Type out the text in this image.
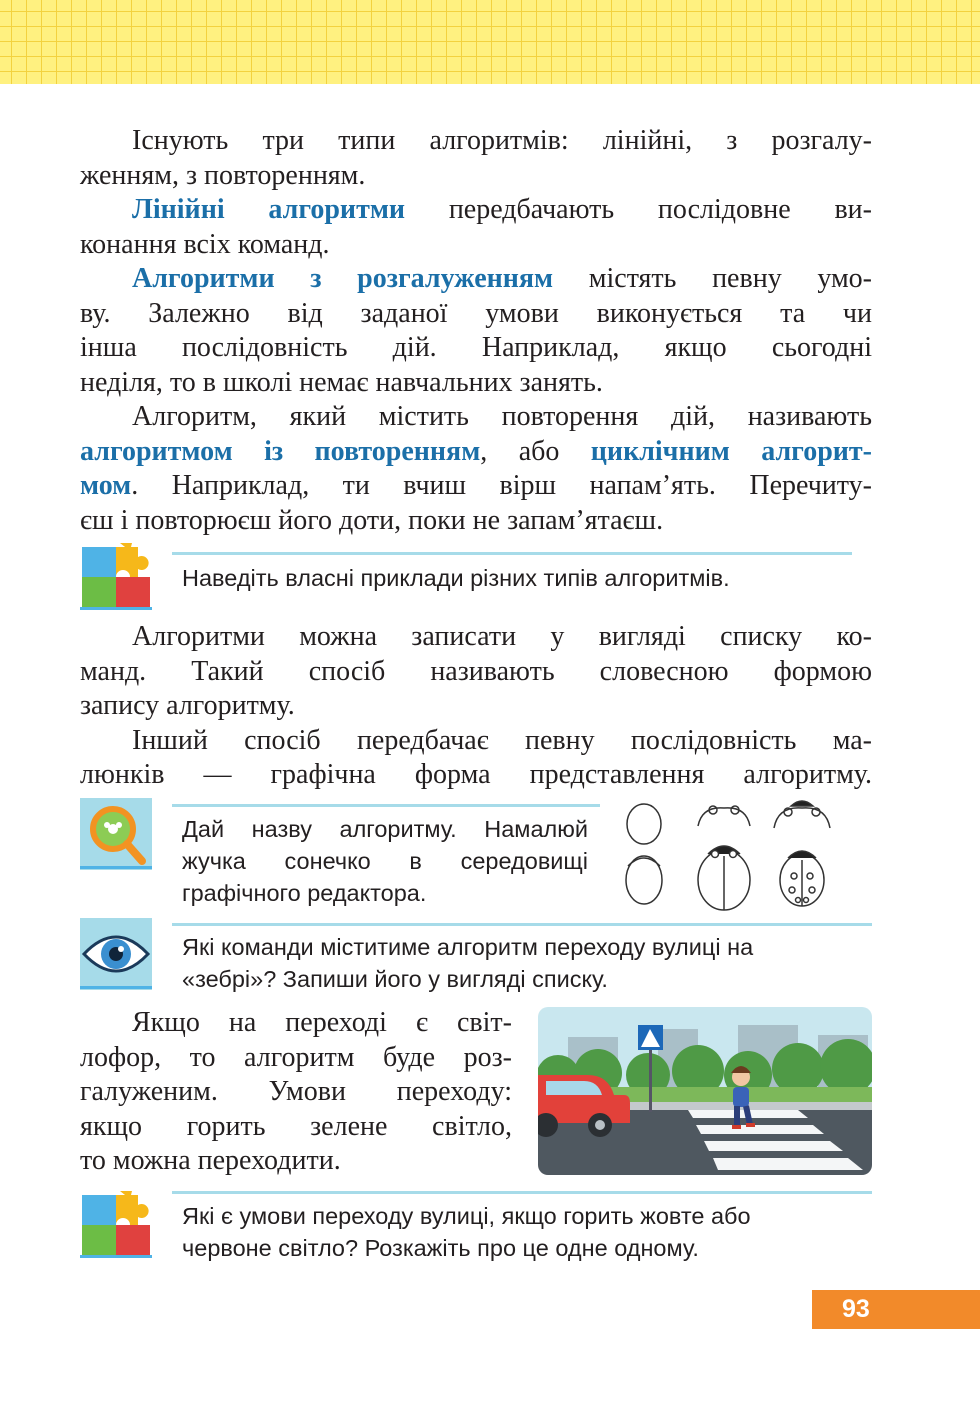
Існують три типи алгоритмів: лінійні, з розгалу-

женням, з повторенням.

Лінійні алгоритми передбачають послідовне ви-

конання всіх команд.

Алгоритми з розгалуженням містять певну умо-

ву. Залежно від заданої умови виконується та чи

інша послідовність дій. Наприклад, якщо сьогодні

неділя, то в школі немає навчальних занять.

Алгоритм, який містить повторення дій, називають

алгоритмом із повторенням, або циклічним алгорит-

мом. Наприклад, ти вчиш вірш напам’ять. Перечиту-

єш і повторюєш його доти, поки не запам’ятаєш.

Наведіть власні приклади різних типів алгоритмів.

Алгоритми можна записати у вигляді списку ко-

манд. Такий спосіб називають словесною формою

запису алгоритму.

Інший спосіб передбачає певну послідовність ма-

люнків — графічна форма представлення алгоритму.

Дай назву алгоритму. Намалюй

жучка сонечко в середовищі

графічного редактора.

Які команди міститиме алгоритм переходу вулиці на

«зебрі»? Запиши його у вигляді списку.

Якщо на переході є світ-

лофор, то алгоритм буде роз-

галуженим. Умови переходу:

якщо горить зелене світло,

то можна переходити.

Які є умови переходу вулиці, якщо горить жовте або

червоне світло? Розкажіть про це одне одному.

93
